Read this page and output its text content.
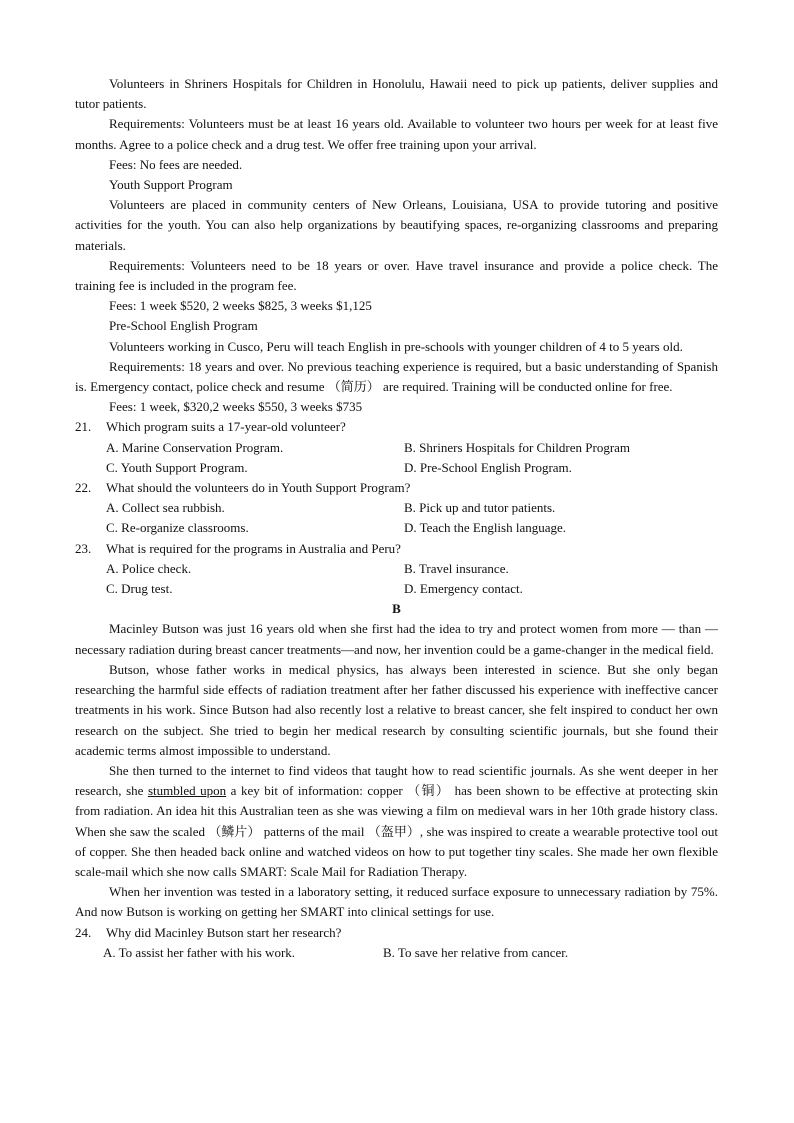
Volunteers in Shriners Hospitals for Children in Honolulu, Hawaii need to pick up patients, deliver supplies and tutor patients.

Requirements: Volunteers must be at least 16 years old. Available to volunteer two hours per week for at least five months. Agree to a police check and a drug test. We offer free training upon your arrival.

Fees: No fees are needed.

Youth Support Program

Volunteers are placed in community centers of New Orleans, Louisiana, USA to provide tutoring and positive activities for the youth. You can also help organizations by beautifying spaces, re-organizing classrooms and preparing materials.

Requirements: Volunteers need to be 18 years or over. Have travel insurance and provide a police check. The training fee is included in the program fee.

Fees: 1 week $520, 2 weeks $825, 3 weeks $1,125

Pre-School English Program

Volunteers working in Cusco, Peru will teach English in pre-schools with younger children of 4 to 5 years old.

Requirements: 18 years and over. No previous teaching experience is required, but a basic understanding of Spanish is. Emergency contact, police check and resume （简历） are required. Training will be conducted online for free.

Fees: 1 week, $320,2 weeks $550, 3 weeks $735

21.	Which program suits a 17-year-old volunteer?
A. Marine Conservation Program.	B. Shriners Hospitals for Children Program
C. Youth Support Program.	D. Pre-School English Program.
22.	What should the volunteers do in Youth Support Program?
A. Collect sea rubbish.	B. Pick up and tutor patients.
C. Re-organize classrooms.	D. Teach the English language.
23.	What is required for the programs in Australia and Peru?
A. Police check.	B. Travel insurance.
C. Drug test.	D. Emergency contact.

B

Macinley Butson was just 16 years old when she first had the idea to try and protect women from more — than — necessary radiation during breast cancer treatments—and now, her invention could be a game-changer in the medical field.

Butson, whose father works in medical physics, has always been interested in science. But she only began researching the harmful side effects of radiation treatment after her father discussed his experience with ineffective cancer treatments in his work. Since Butson had also recently lost a relative to breast cancer, she felt inspired to conduct her own research on the subject. She tried to begin her medical research by consulting scientific journals, but she found their academic terms almost impossible to understand.

She then turned to the internet to find videos that taught how to read scientific journals. As she went deeper in her research, she stumbled upon a key bit of information: copper （铜） has been shown to be effective at protecting skin from radiation. An idea hit this Australian teen as she was viewing a film on medieval wars in her 10th grade history class. When she saw the scaled （鳞片） patterns of the mail （盔甲）, she was inspired to create a wearable protective tool out of copper. She then headed back online and watched videos on how to put together tiny scales. She made her own flexible scale-mail which she now calls SMART: Scale Mail for Radiation Therapy.

When her invention was tested in a laboratory setting, it reduced surface exposure to unnecessary radiation by 75%. And now Butson is working on getting her SMART into clinical settings for use.

24.	Why did Macinley Butson start her research?
A. To assist her father with his work.	B. To save her relative from cancer.
